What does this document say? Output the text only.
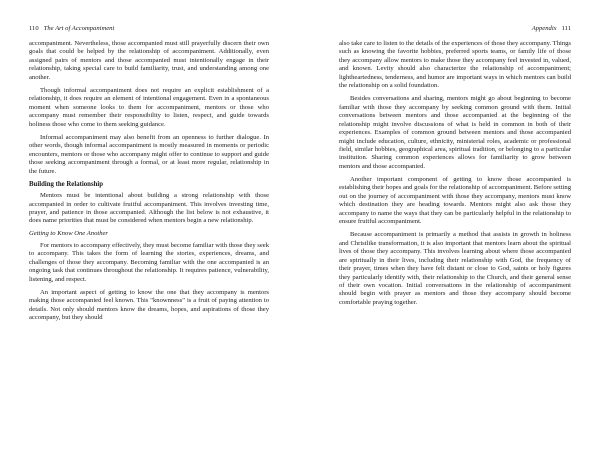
110 The Art of Accompaniment

accompaniment. Nevertheless, those accompanied must still prayerfully discern their own goals that could be helped by the relationship of accompaniment. Additionally, even assigned pairs of mentors and those accompanied must intentionally engage in their relationship, taking special care to build familiarity, trust, and understanding among one another.

Though informal accompaniment does not require an explicit establishment of a relationship, it does require an element of intentional engagement. Even in a spontaneous moment when someone looks to them for accompaniment, mentors or those who accompany must remember their responsibility to listen, respect, and guide towards holiness those who come to them seeking guidance.

Informal accompaniment may also benefit from an openness to further dialogue. In other words, though informal accompaniment is mostly measured in moments or periodic encounters, mentors or those who accompany might offer to continue to support and guide those seeking accompaniment through a formal, or at least more regular, relationship in the future.

Building the Relationship

Mentors must be intentional about building a strong relationship with those accompanied in order to cultivate fruitful accompaniment. This involves investing time, prayer, and patience in those accompanied. Although the list below is not exhaustive, it does name priorities that must be considered when mentors begin a new relationship.

Getting to Know One Another

For mentors to accompany effectively, they must become familiar with those they seek to accompany. This takes the form of learning the stories, experiences, dreams, and challenges of those they accompany. Becoming familiar with the one accompanied is an ongoing task that continues throughout the relationship. It requires patience, vulnerability, listening, and respect.

An important aspect of getting to know the one that they accompany is mentors making those accompanied feel known. This "knownness" is a fruit of paying attention to details. Not only should mentors know the dreams, hopes, and aspirations of those they accompany, but they should

Appendix 111

also take care to listen to the details of the experiences of those they accompany. Things such as knowing the favorite hobbies, preferred sports teams, or family life of those they accompany allow mentors to make those they accompany feel invested in, valued, and known. Levity should also characterize the relationship of accompaniment; lightheartedness, tenderness, and humor are important ways in which mentors can build the relationship on a solid foundation.

Besides conversations and sharing, mentors might go about beginning to become familiar with those they accompany by seeking common ground with them. Initial conversations between mentors and those accompanied at the beginning of the relationship might involve discussions of what is held in common in both of their experiences. Examples of common ground between mentors and those accompanied might include education, culture, ethnicity, ministerial roles, academic or professional field, similar hobbies, geographical area, spiritual tradition, or belonging to a particular institution. Sharing common experiences allows for familiarity to grow between mentors and those accompanied.

Another important component of getting to know those accompanied is establishing their hopes and goals for the relationship of accompaniment. Before setting out on the journey of accompaniment with those they accompany, mentors must know which destination they are heading towards. Mentors might also ask those they accompany to name the ways that they can be particularly helpful in the relationship to ensure fruitful accompaniment.

Because accompaniment is primarily a method that assists in growth in holiness and Christlike transformation, it is also important that mentors learn about the spiritual lives of those they accompany. This involves learning about where those accompanied are spiritually in their lives, including their relationship with God, the frequency of their prayer, times when they have felt distant or close to God, saints or holy figures they particularly identify with, their relationship to the Church, and their general sense of their own vocation. Initial conversations in the relationship of accompaniment should begin with prayer as mentors and those they accompany should become comfortable praying together.
